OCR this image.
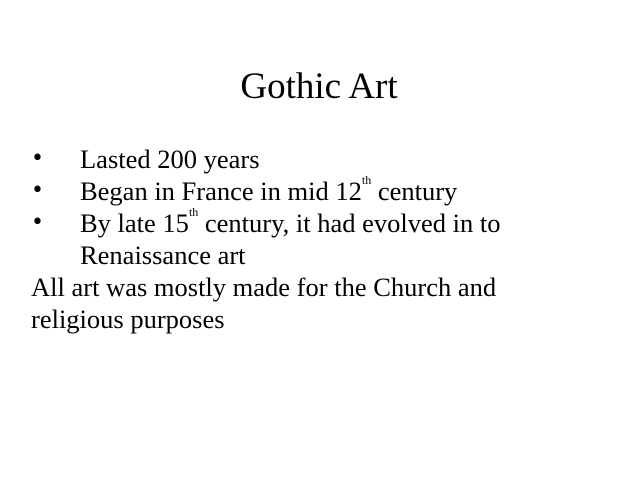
Gothic Art
• Lasted 200 years
• Began in France in mid 12th century
• By late 15th century, it had evolved in to
Renaissance art
All art was mostly made for the Church and
religious purposes
